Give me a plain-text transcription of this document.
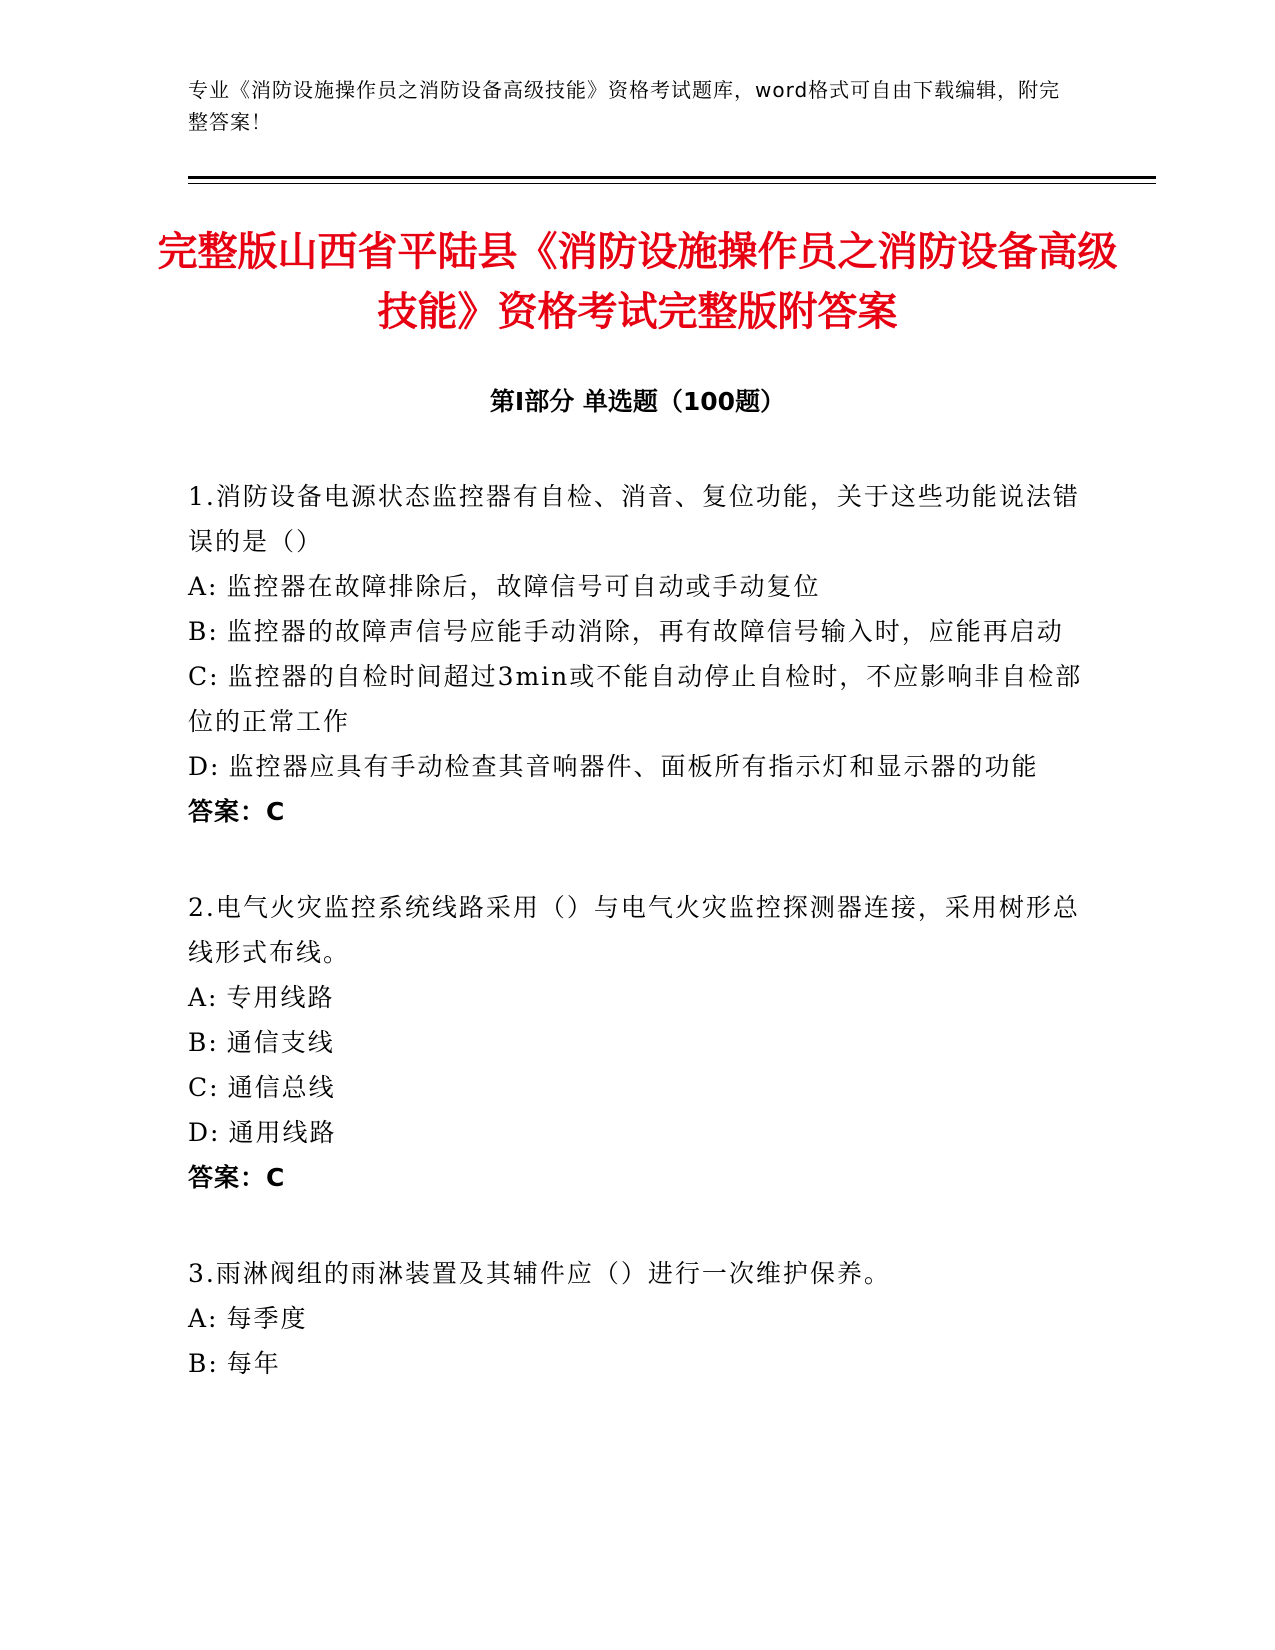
专业《消防设施操作员之消防设备高级技能》资格考试题库，word格式可自由下载编辑，附完整答案！
完整版山西省平陆县《消防设施操作员之消防设备高级技能》资格考试完整版附答案
第Ⅰ部分 单选题（100题）

1.消防设备电源状态监控器有自检、消音、复位功能，关于这些功能说法错误的是（）

A: 监控器在故障排除后，故障信号可自动或手动复位

B: 监控器的故障声信号应能手动消除，再有故障信号输入时，应能再启动

C: 监控器的自检时间超过3min或不能自动停止自检时，不应影响非自检部位的正常工作

D: 监控器应具有手动检查其音响器件、面板所有指示灯和显示器的功能

答案：C

2.电气火灾监控系统线路采用（）与电气火灾监控探测器连接，采用树形总线形式布线。

A: 专用线路

B: 通信支线

C: 通信总线

D: 通用线路

答案：C

3.雨淋阀组的雨淋装置及其辅件应（）进行一次维护保养。

A: 每季度

B: 每年
